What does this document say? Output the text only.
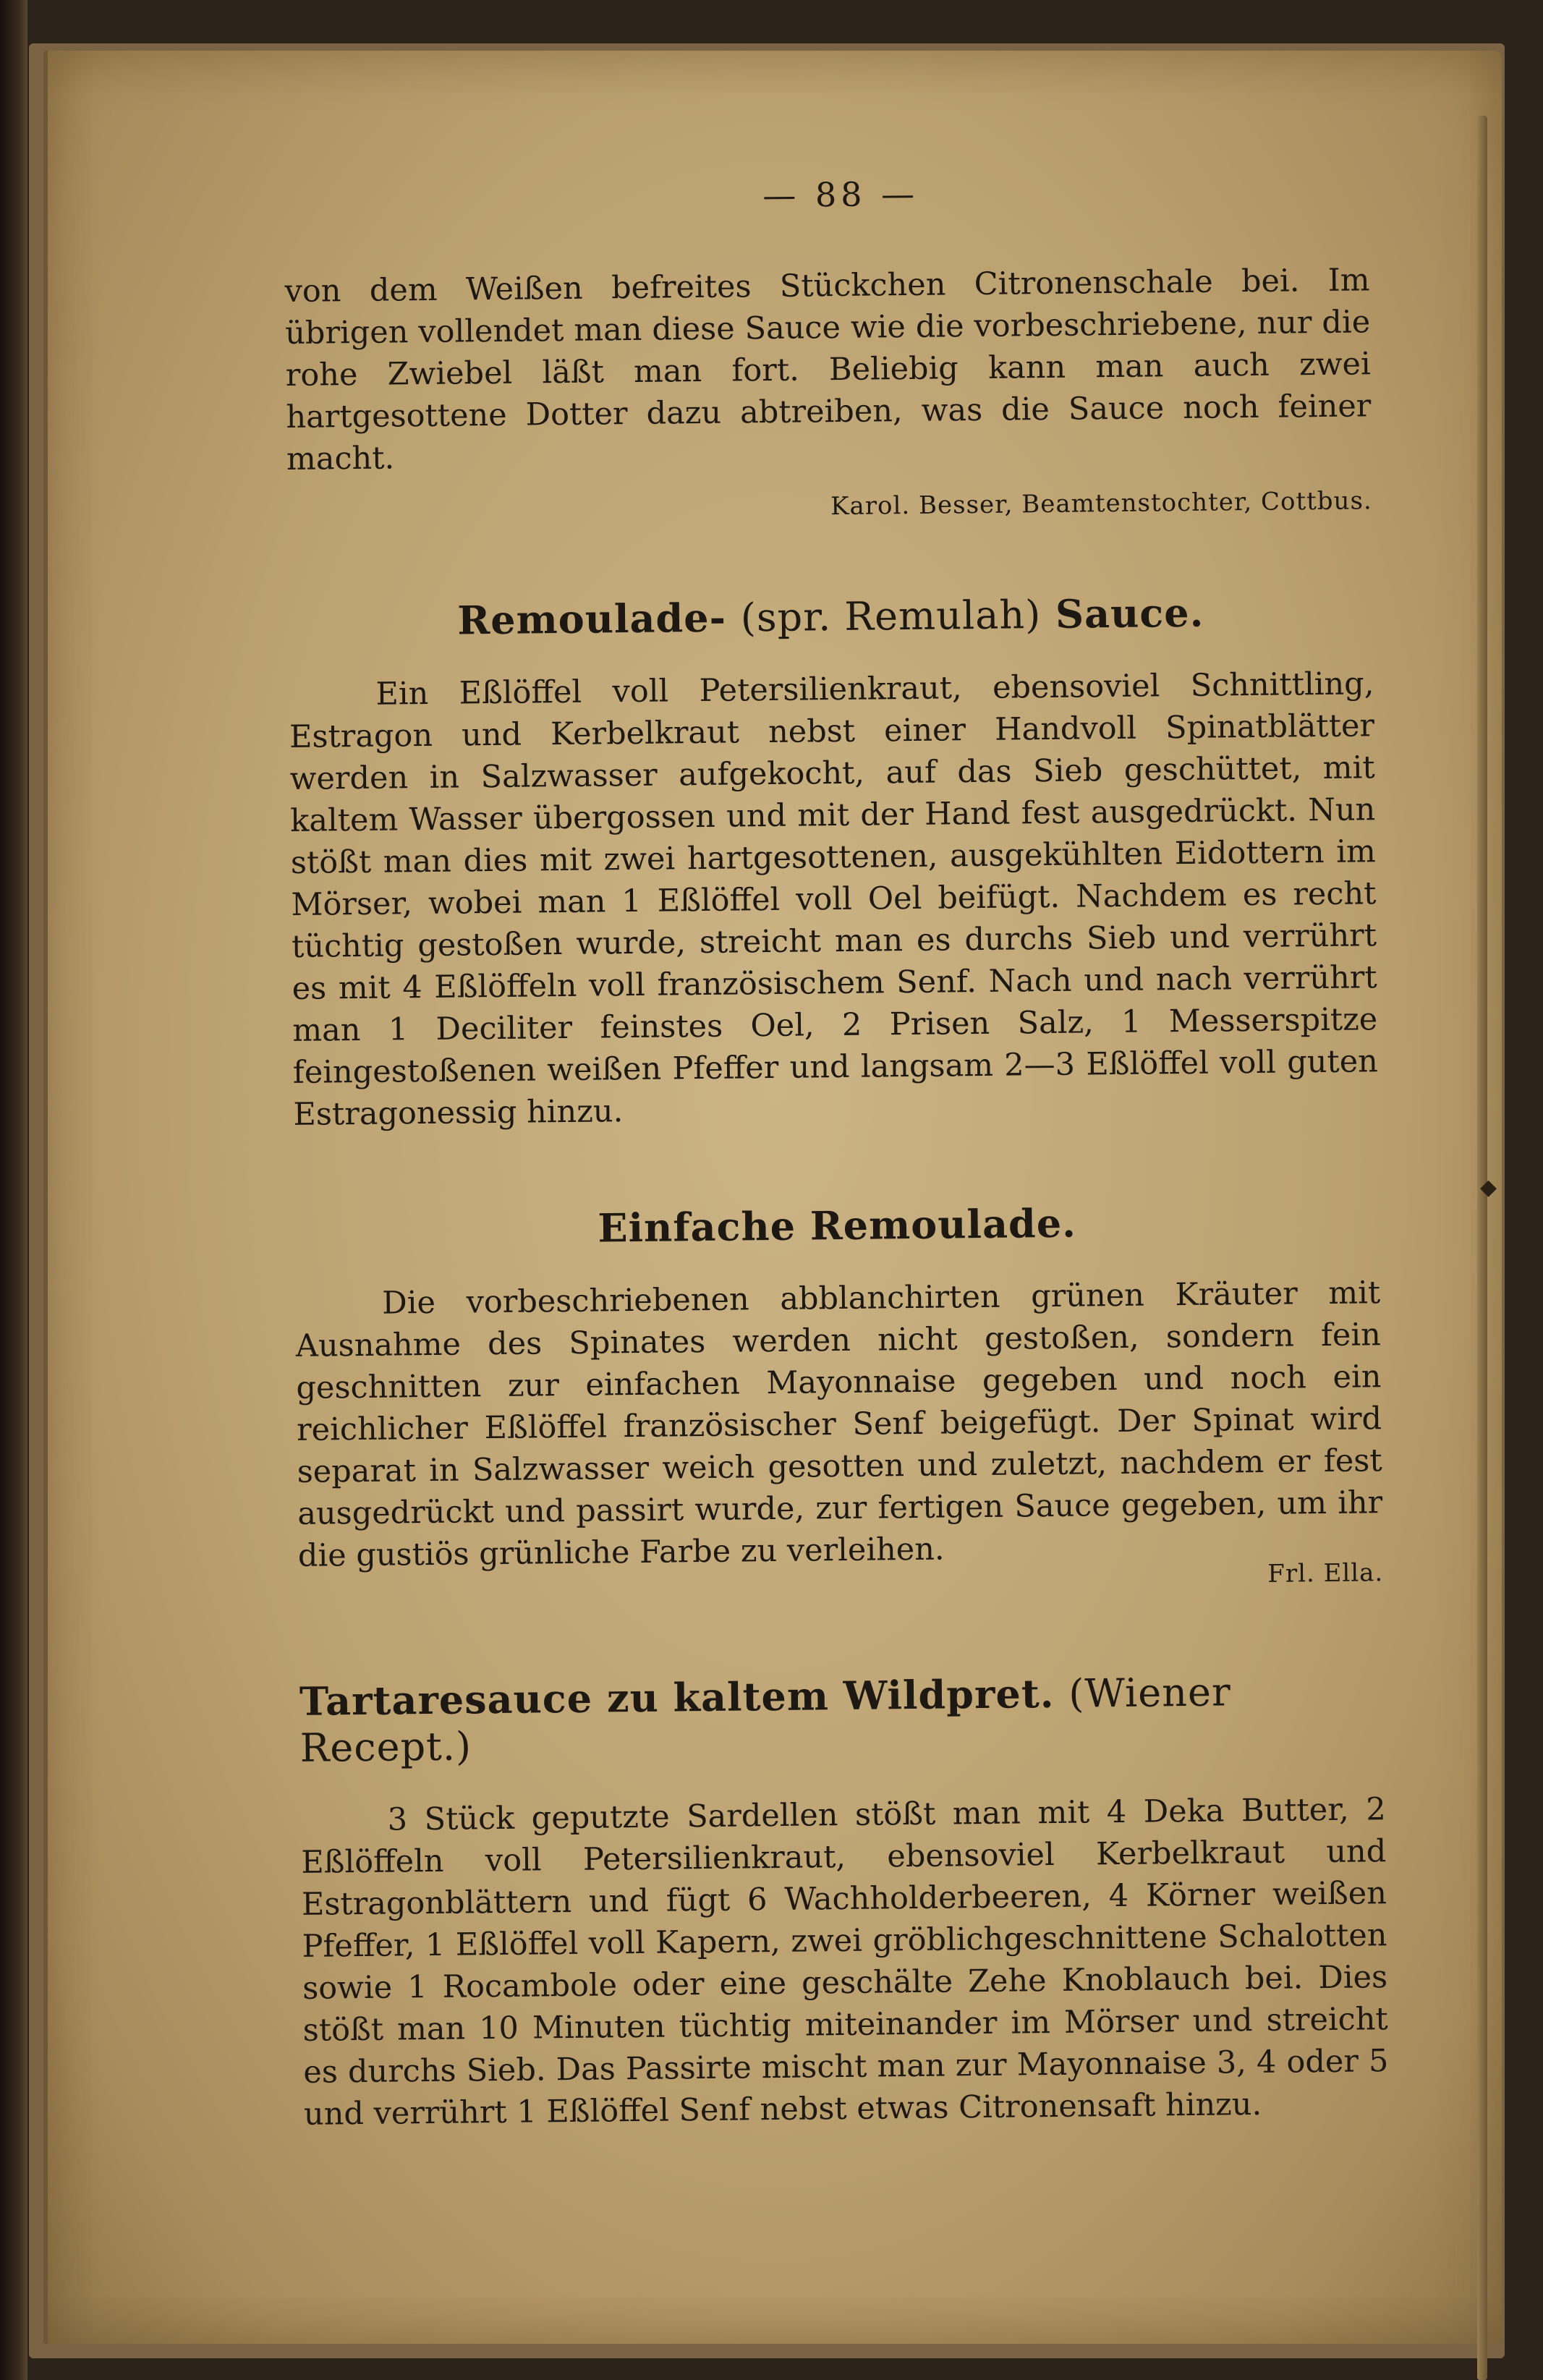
◆
— 88 —

von dem Weißen befreites Stückchen Citronenschale bei. Im übrigen vollendet man diese Sauce wie die vorbeschriebene, nur die rohe Zwiebel läßt man fort. Beliebig kann man auch zwei hartgesottene Dotter dazu abtreiben, was die Sauce noch feiner macht.

Karol. Besser, Beamtenstochter, Cottbus.
Remoulade- (spr. Remulah) Sauce.

Ein Eßlöffel voll Petersilienkraut, ebensoviel Schnittling, Estragon und Kerbelkraut nebst einer Handvoll Spinatblätter werden in Salzwasser aufgekocht, auf das Sieb geschüttet, mit kaltem Wasser übergossen und mit der Hand fest ausgedrückt. Nun stößt man dies mit zwei hartgesottenen, ausgekühlten Eidottern im Mörser, wobei man 1 Eßlöffel voll Oel beifügt. Nachdem es recht tüchtig gestoßen wurde, streicht man es durchs Sieb und verrührt es mit 4 Eßlöffeln voll französischem Senf. Nach und nach verrührt man 1 Deciliter feinstes Oel, 2 Prisen Salz, 1 Messerspitze feingestoßenen weißen Pfeffer und langsam 2—3 Eßlöffel voll guten Estragonessig hinzu.

Einfache Remoulade.

Die vorbeschriebenen abblanchirten grünen Kräuter mit Ausnahme des Spinates werden nicht gestoßen, sondern fein geschnitten zur einfachen Mayonnaise gegeben und noch ein reichlicher Eßlöffel französischer Senf beigefügt. Der Spinat wird separat in Salzwasser weich gesotten und zuletzt, nachdem er fest ausgedrückt und passirt wurde, zur fertigen Sauce gegeben, um ihr die gustiös grünliche Farbe zu verleihen.	Frl. Ella.
Tartaresauce zu kaltem Wildpret. (Wiener Recept.)

3 Stück geputzte Sardellen stößt man mit 4 Deka Butter, 2 Eßlöffeln voll Petersilienkraut, ebensoviel Kerbelkraut und Estragonblättern und fügt 6 Wachholderbeeren, 4 Körner weißen Pfeffer, 1 Eßlöffel voll Kapern, zwei gröblichgeschnittene Schalotten sowie 1 Rocambole oder eine geschälte Zehe Knoblauch bei. Dies stößt man 10 Minuten tüchtig miteinander im Mörser und streicht es durchs Sieb. Das Passirte mischt man zur Mayonnaise 3, 4 oder 5 und verrührt 1 Eßlöffel Senf nebst etwas Citronensaft hinzu.
